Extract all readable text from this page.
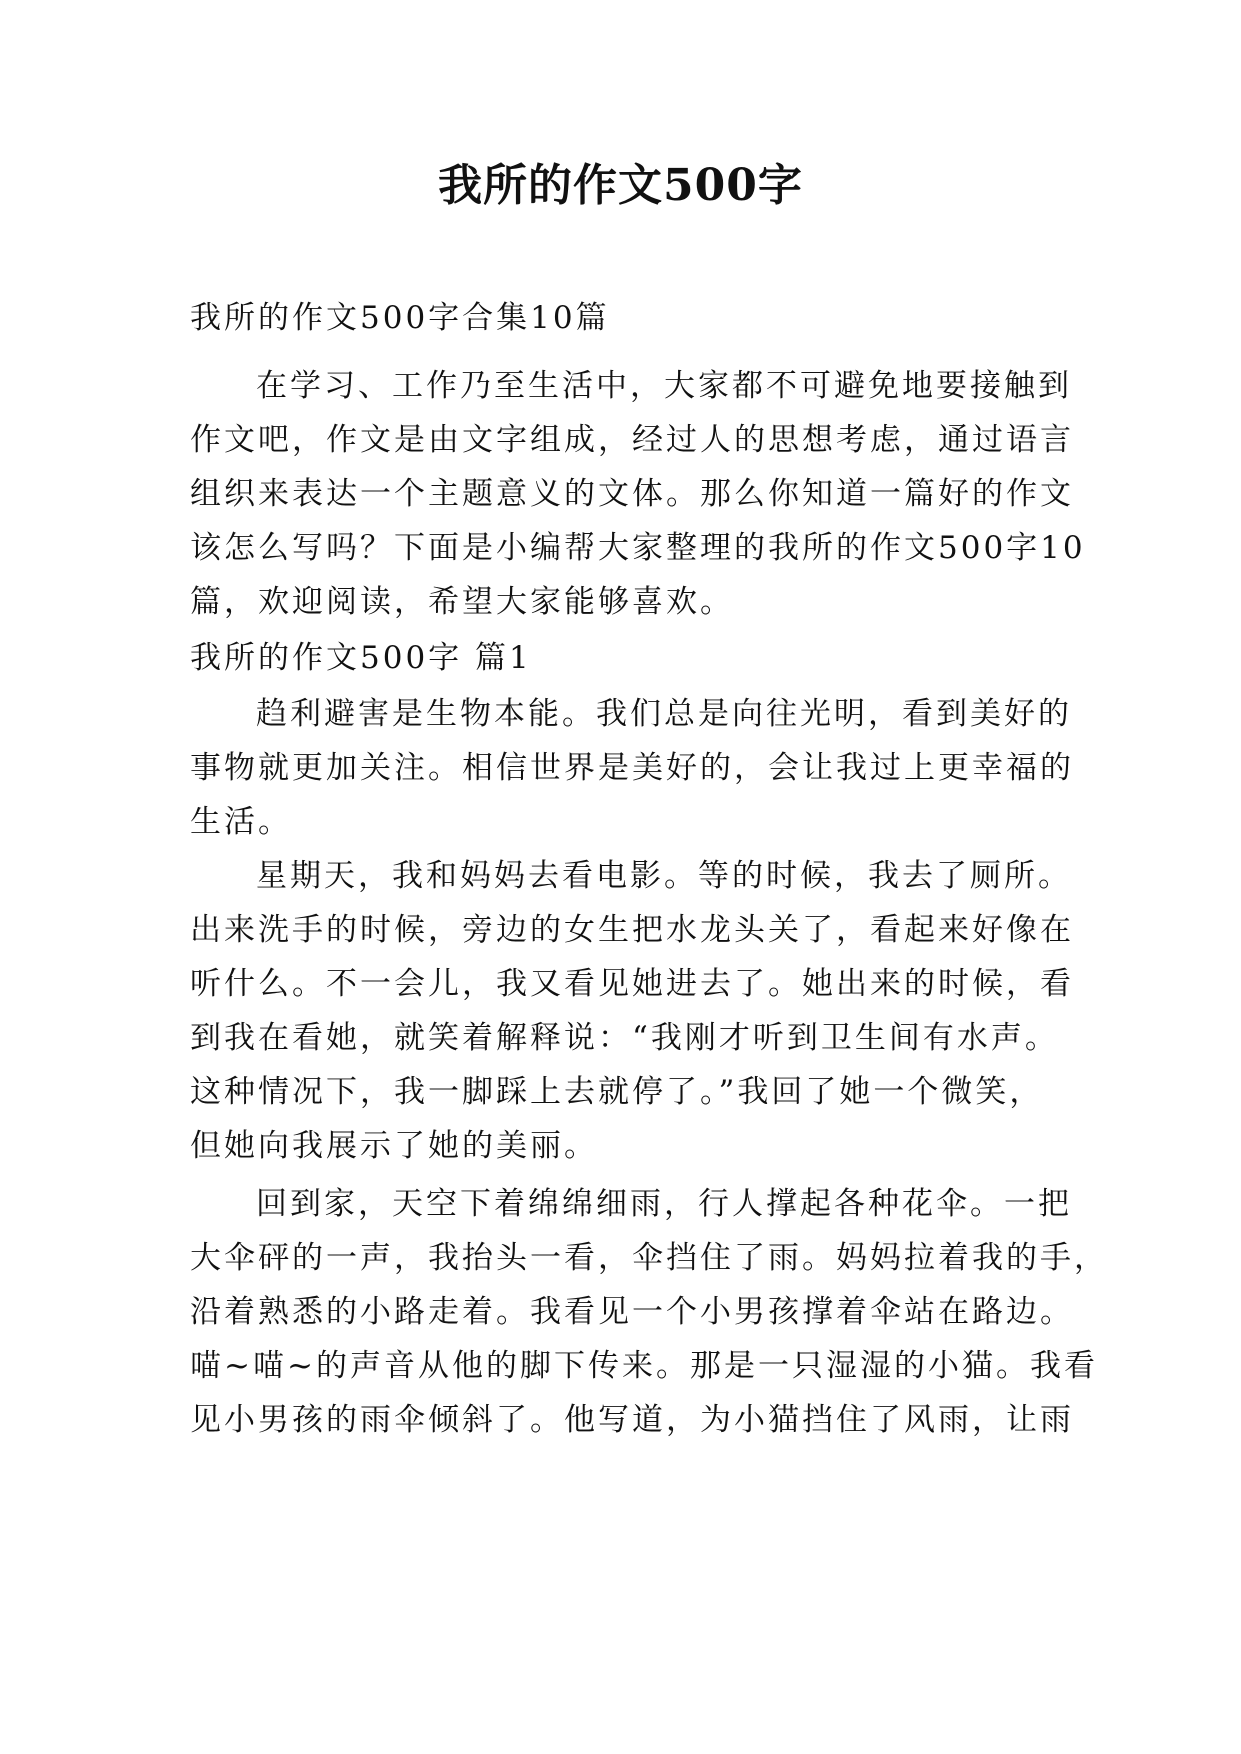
我所的作文500字
我所的作文500字合集10篇
在学习、工作乃至生活中，大家都不可避免地要接触到
作文吧，作文是由文字组成，经过人的思想考虑，通过语言
组织来表达一个主题意义的文体。那么你知道一篇好的作文
该怎么写吗？下面是小编帮大家整理的我所的作文500字10
篇，欢迎阅读，希望大家能够喜欢。
我所的作文500字 篇1
趋利避害是生物本能。我们总是向往光明，看到美好的
事物就更加关注。相信世界是美好的，会让我过上更幸福的
生活。
星期天，我和妈妈去看电影。等的时候，我去了厕所。
出来洗手的时候，旁边的女生把水龙头关了，看起来好像在
听什么。不一会儿，我又看见她进去了。她出来的时候，看
到我在看她，就笑着解释说：“我刚才听到卫生间有水声。
这种情况下，我一脚踩上去就停了。”我回了她一个微笑，
但她向我展示了她的美丽。
回到家，天空下着绵绵细雨，行人撑起各种花伞。一把
大伞砰的一声，我抬头一看，伞挡住了雨。妈妈拉着我的手，
沿着熟悉的小路走着。我看见一个小男孩撑着伞站在路边。
喵~喵~的声音从他的脚下传来。那是一只湿湿的小猫。我看
见小男孩的雨伞倾斜了。他写道，为小猫挡住了风雨，让雨
